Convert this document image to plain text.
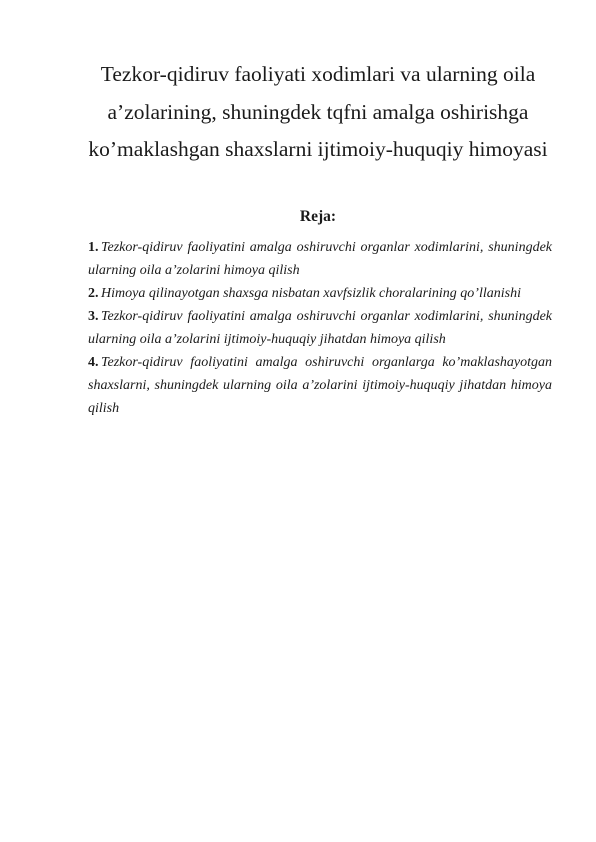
Tezkor-qidiruv faoliyati xodimlari va ularning oila a’zolarining, shuningdek tqfni amalga oshirishga ko’maklashgan shaxslarni ijtimoiy-huquqiy himoyasi

Reja:

1. Tezkor-qidiruv faoliyatini amalga oshiruvchi organlar xodimlarini, shuningdek ularning oila a’zolarini himoya qilish
2. Himoya qilinayotgan shaxsga nisbatan xavfsizlik choralarining qo’llanishi
3. Tezkor-qidiruv faoliyatini amalga oshiruvchi organlar xodimlarini, shuningdek ularning oila a’zolarini ijtimoiy-huquqiy jihatdan himoya qilish
4. Tezkor-qidiruv faoliyatini amalga oshiruvchi organlarga ko’maklashayotgan shaxslarni, shuningdek ularning oila a’zolarini ijtimoiy-huquqiy jihatdan himoya qilish
